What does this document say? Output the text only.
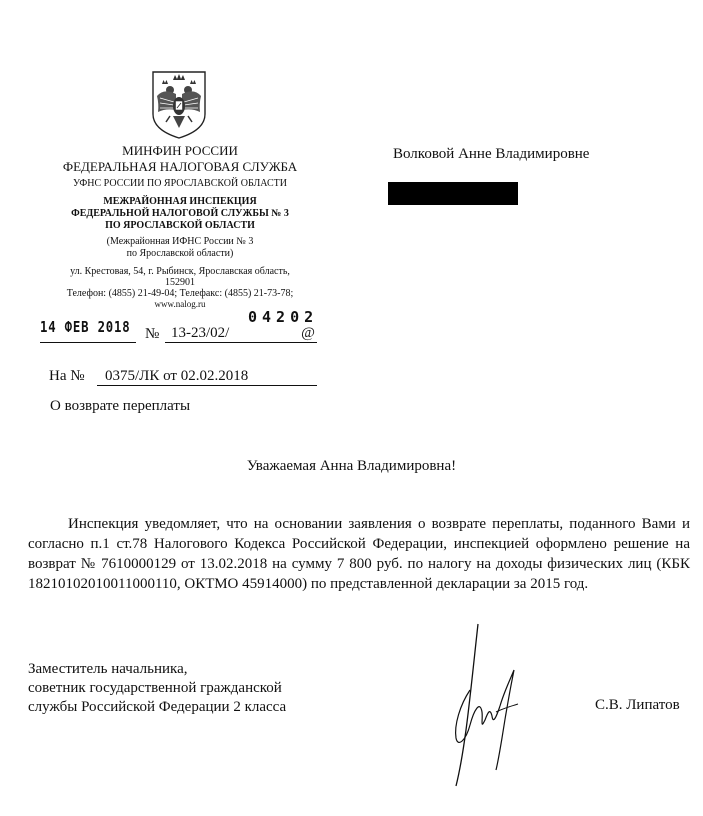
МИНФИН РОССИИ
ФЕДЕРАЛЬНАЯ НАЛОГОВАЯ СЛУЖБА
УФНС РОССИИ ПО ЯРОСЛАВСКОЙ ОБЛАСТИ
МЕЖРАЙОННАЯ ИНСПЕКЦИЯ
ФЕДЕРАЛЬНОЙ НАЛОГОВОЙ СЛУЖБЫ № 3
ПО ЯРОСЛАВСКОЙ ОБЛАСТИ
(Межрайонная ИФНС России № 3
по Ярославской области)
ул. Крестовая, 54, г. Рыбинск, Ярославская область,
152901
Телефон: (4855) 21-49-04; Телефакс: (4855) 21-73-78;
www.nalog.ru
Волковой Анне Владимировне
14 ФЕВ 2018 № 13-23/02/	@
04202
На № 0375/ЛК от 02.02.2018
О возврате переплаты
Уважаемая Анна Владимировна!
Инспекция уведомляет, что на основании заявления о возврате переплаты, поданного Вами и согласно п.1 ст.78 Налогового Кодекса Российской Федерации, инспекцией оформлено решение на возврат № 7610000129 от 13.02.2018 на сумму 7 800 руб. по налогу на доходы физических лиц (КБК 18210102010011000110, ОКТМО 45914000) по представленной декларации за 2015 год.
Заместитель начальника,
советник государственной гражданской
службы Российской Федерации 2 класса	С.В. Липатов
